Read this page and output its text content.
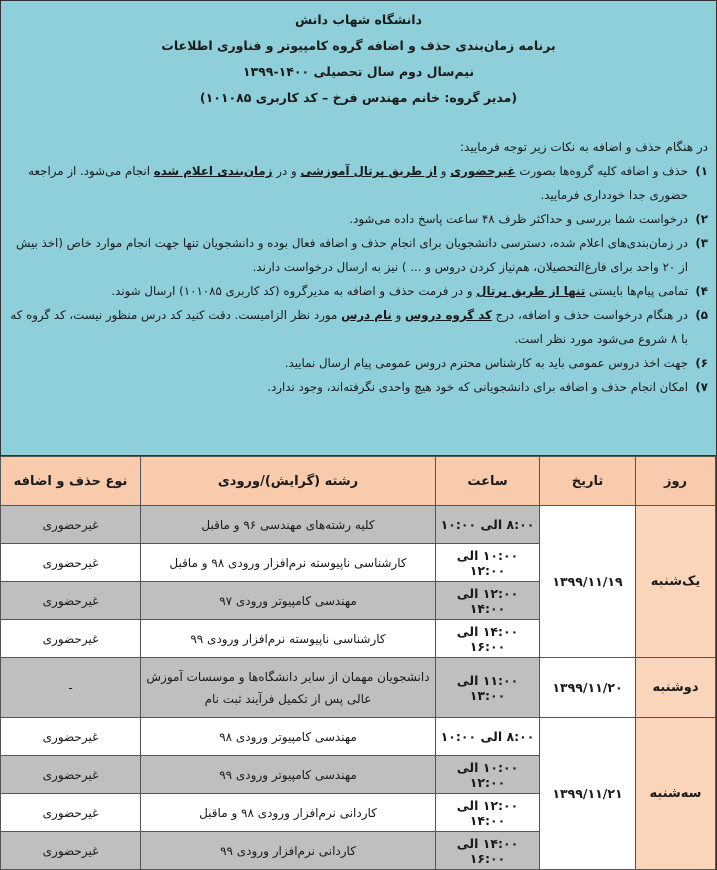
دانشگاه شهاب دانش
برنامه زمان‌بندی حذف و اضافه گروه کامپیوتر و فناوری اطلاعات
نیم‌سال دوم سال تحصیلی ۱۴۰۰-۱۳۹۹
(مدیر گروه: خانم مهندس فرخ – کد کاربری ۱۰۱۰۸۵)
در هنگام حذف و اضافه به نکات زیر توجه فرمایید:
۱)
حذف و اضافه کلیه گروه‌ها بصورت غیرحضوری و از طریق پرتال آموزشی و در زمان‌بندی اعلام شده انجام می‌شود. از مراجعه حضوری جدا خودداری فرمایید.
۲)
درخواست شما بررسی و حداکثر ظرف ۴۸ ساعت پاسخ داده می‌شود.
۳)
در زمان‌بندی‌های اعلام شده، دسترسی دانشجویان برای انجام حذف و اضافه فعال بوده و دانشجویان تنها جهت انجام موارد خاص (اخذ بیش از ۲۰ واحد برای فارغ‌التحصیلان، هم‌نیاز کردن دروس و ... ) نیز به ارسال درخواست دارند.
۴)
تمامی پیام‌ها بایستی تنها از طریق پرتال و در فرمت حذف و اضافه به مدیرگروه (کد کاربری ۱۰۱۰۸۵) ارسال شوند.
۵)
در هنگام درخواست حذف و اضافه، درج کد گروه دروس و نام درس مورد نظر الزامیست. دقت کنید کد درس منظور نیست، کد گروه که با ۸ شروع می‌شود مورد نظر است.
۶)
جهت اخذ دروس عمومی باید به کارشناس محترم دروس عمومی پیام ارسال نمایید.
۷)
امکان انجام حذف و اضافه برای دانشجویانی که خود هیچ واحدی نگرفته‌اند، وجود ندارد.
روز	تاریخ	ساعت	رشته (گرایش)/ورودی	نوع حذف و اضافه
یک‌شنبه	۱۳۹۹/۱۱/۱۹	۸:۰۰ الی ۱۰:۰۰	کلیه رشته‌های مهندسی ۹۶ و ماقبل	غیرحضوری
		۱۰:۰۰ الی ۱۲:۰۰	کارشناسی ناپیوسته نرم‌افزار ورودی ۹۸ و ماقبل	غیرحضوری
		۱۲:۰۰ الی ۱۴:۰۰	مهندسی کامپیوتر ورودی ۹۷	غیرحضوری
		۱۴:۰۰ الی ۱۶:۰۰	کارشناسی ناپیوسته نرم‌افزار ورودی ۹۹	غیرحضوری
دوشنبه	۱۳۹۹/۱۱/۲۰	۱۱:۰۰ الی ۱۳:۰۰	دانشجویان مهمان از سایر دانشگاه‌ها و موسسات آموزش عالی پس از تکمیل فرآیند ثبت نام	-
سه‌شنبه	۱۳۹۹/۱۱/۲۱	۸:۰۰ الی ۱۰:۰۰	مهندسی کامپیوتر ورودی ۹۸	غیرحضوری
		۱۰:۰۰ الی ۱۲:۰۰	مهندسی کامپیوتر ورودی ۹۹	غیرحضوری
		۱۲:۰۰ الی ۱۴:۰۰	کاردانی نرم‌افزار ورودی ۹۸ و ماقبل	غیرحضوری
		۱۴:۰۰ الی ۱۶:۰۰	کاردانی نرم‌افزار ورودی ۹۹	غیرحضوری
